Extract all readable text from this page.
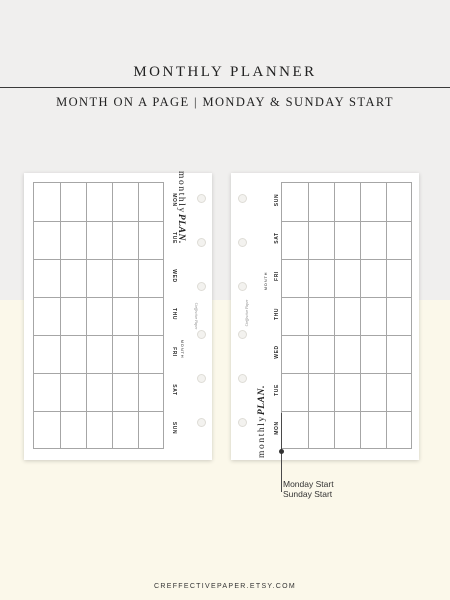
MONTHLY PLANNER
MONTH ON A PAGE | MONDAY & SUNDAY START
MON
TUE
WED
THU
FRI
SAT
SUN
MONTH
monthlyPLAN.
Creffective Paper	Creffective Paper
monthlyPLAN.
MONTH
SUN
SAT
FRI
THU
WED
TUE
MON
Monday Start
Sunday Start
CREFFECTIVEPAPER.ETSY.COM
